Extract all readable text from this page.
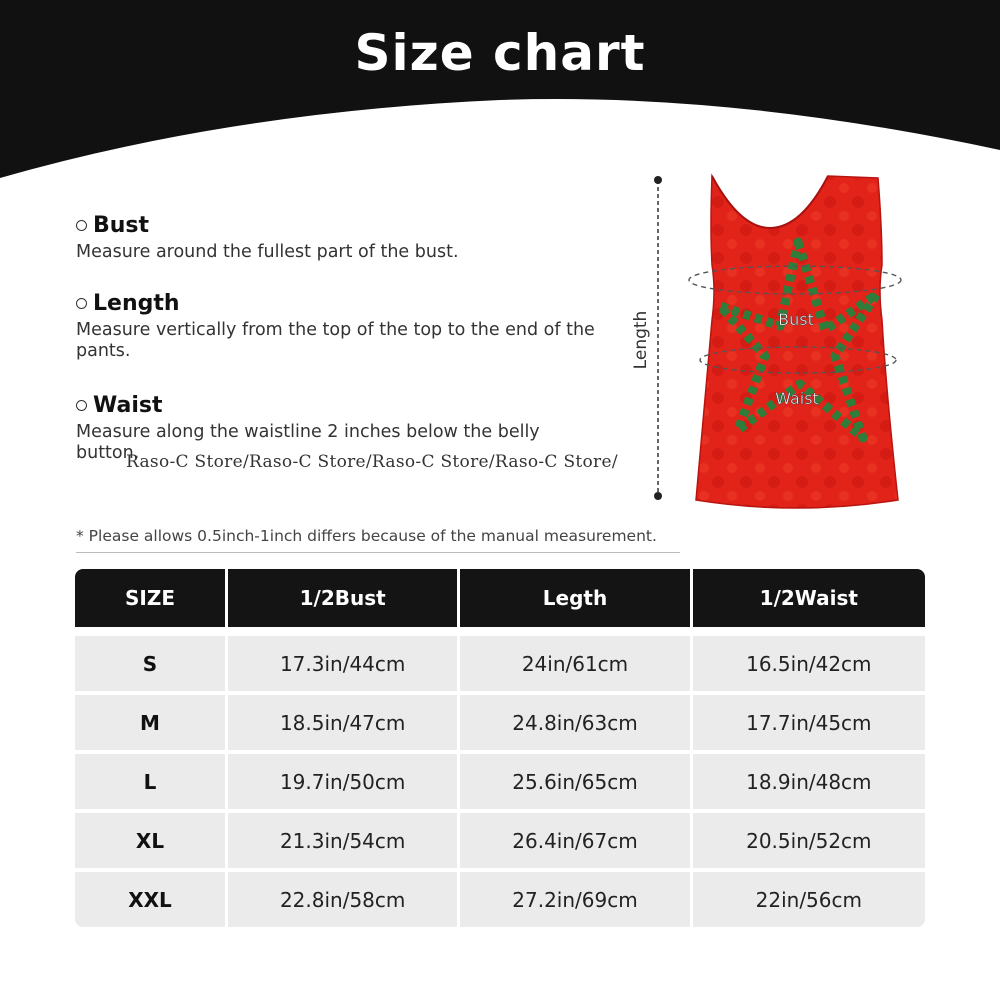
Size chart
Bust
Measure around the fullest part of the bust.
Length
Measure vertically from the top of the top to the end of the pants.
Waist
Measure along the waistline 2 inches below the belly button.
Raso-C Store/Raso-C Store/Raso-C Store/Raso-C Store/
Length	Bust
Waist
* Please allows 0.5inch-1inch differs because of the manual measurement.
SIZE	1/2Bust	Legth	1/2Waist

S	17.3in/44cm	24in/61cm	16.5in/42cm
M	18.5in/47cm	24.8in/63cm	17.7in/45cm
L	19.7in/50cm	25.6in/65cm	18.9in/48cm
XL	21.3in/54cm	26.4in/67cm	20.5in/52cm
XXL	22.8in/58cm	27.2in/69cm	22in/56cm
